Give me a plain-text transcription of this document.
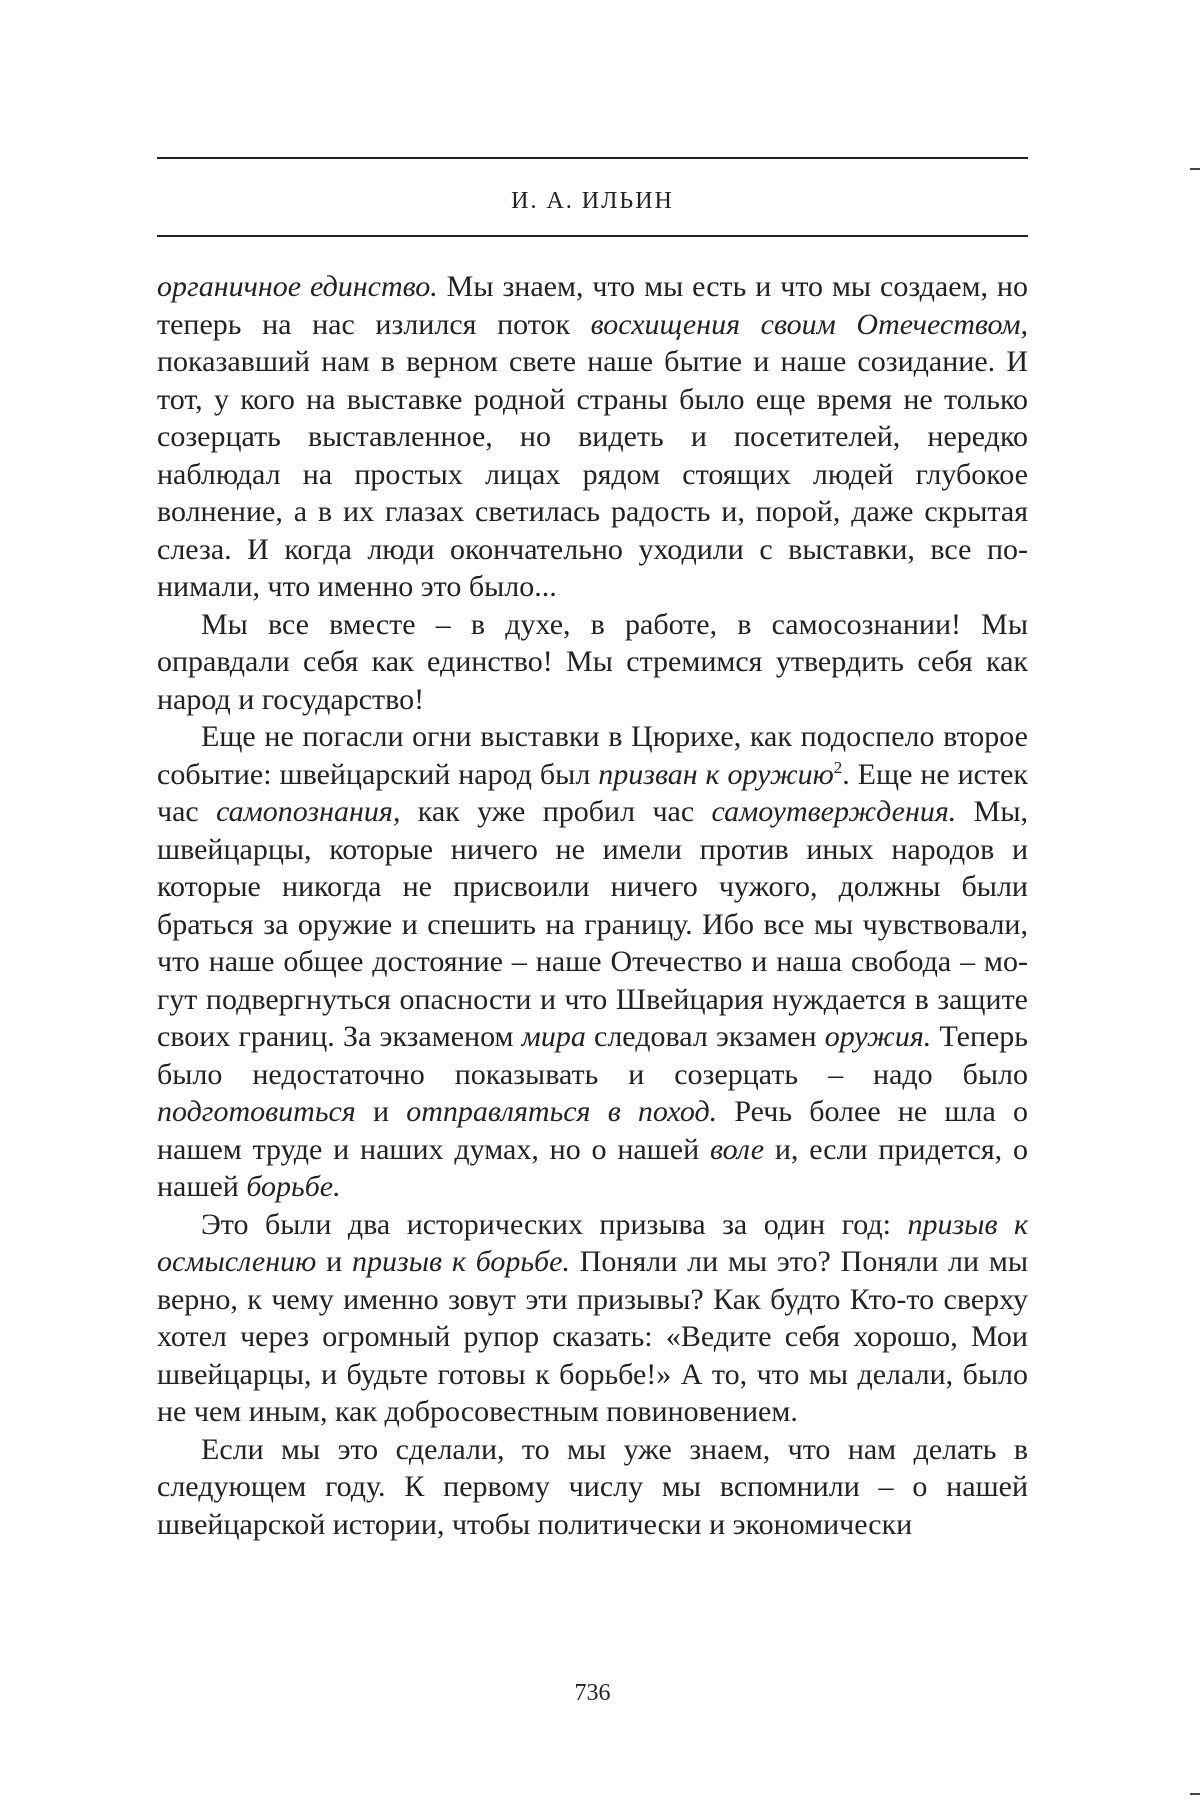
И. А. ИЛЬИН

органичное единство. Мы знаем, что мы есть и что мы создаем, но теперь на нас излился поток восхищения своим Отечеством, показавший нам в верном свете наше бытие и наше созидание. И тот, у кого на выставке родной страны было еще время не только созерцать выставленное, но видеть и посетителей, нередко наблюдал на простых лицах рядом стоящих людей глубокое волнение, а в их глазах светилась радость и, порой, даже скрытая слеза. И когда люди окончательно уходили с выставки, все понимали, что именно это было...

Мы все вместе – в духе, в работе, в самосознании! Мы оправдали себя как единство! Мы стремимся утвердить себя как народ и государство!

Еще не погасли огни выставки в Цюрихе, как подоспело второе событие: швейцарский народ был призван к оружию$^2$. Еще не истек час самопознания, как уже пробил час самоутверждения. Мы, швейцарцы, которые ничего не имели против иных народов и которые никогда не присвоили ничего чужого, должны были браться за оружие и спешить на границу. Ибо все мы чувствовали, что наше общее достояние – наше Отечество и наша свобода – могут подвергнуться опасности и что Швейцария нуждается в защите своих границ. За экзаменом мира следовал экзамен оружия. Теперь было недостаточно показывать и созерцать – надо было подготовиться и отправляться в поход. Речь более не шла о нашем труде и наших думах, но о нашей воле и, если придется, о нашей борьбе.

Это были два исторических призыва за один год: призыв к осмыслению и призыв к борьбе. Поняли ли мы это? Поняли ли мы верно, к чему именно зовут эти призывы? Как будто Кто-то сверху хотел через огромный рупор сказать: «Ведите себя хорошо, Мои швейцарцы, и будьте готовы к борьбе!» А то, что мы делали, было не чем иным, как добросовестным повиновением.

Если мы это сделали, то мы уже знаем, что нам делать в следующем году. К первому числу мы вспомнили – о нашей швейцарской истории, чтобы политически и экономически

736
